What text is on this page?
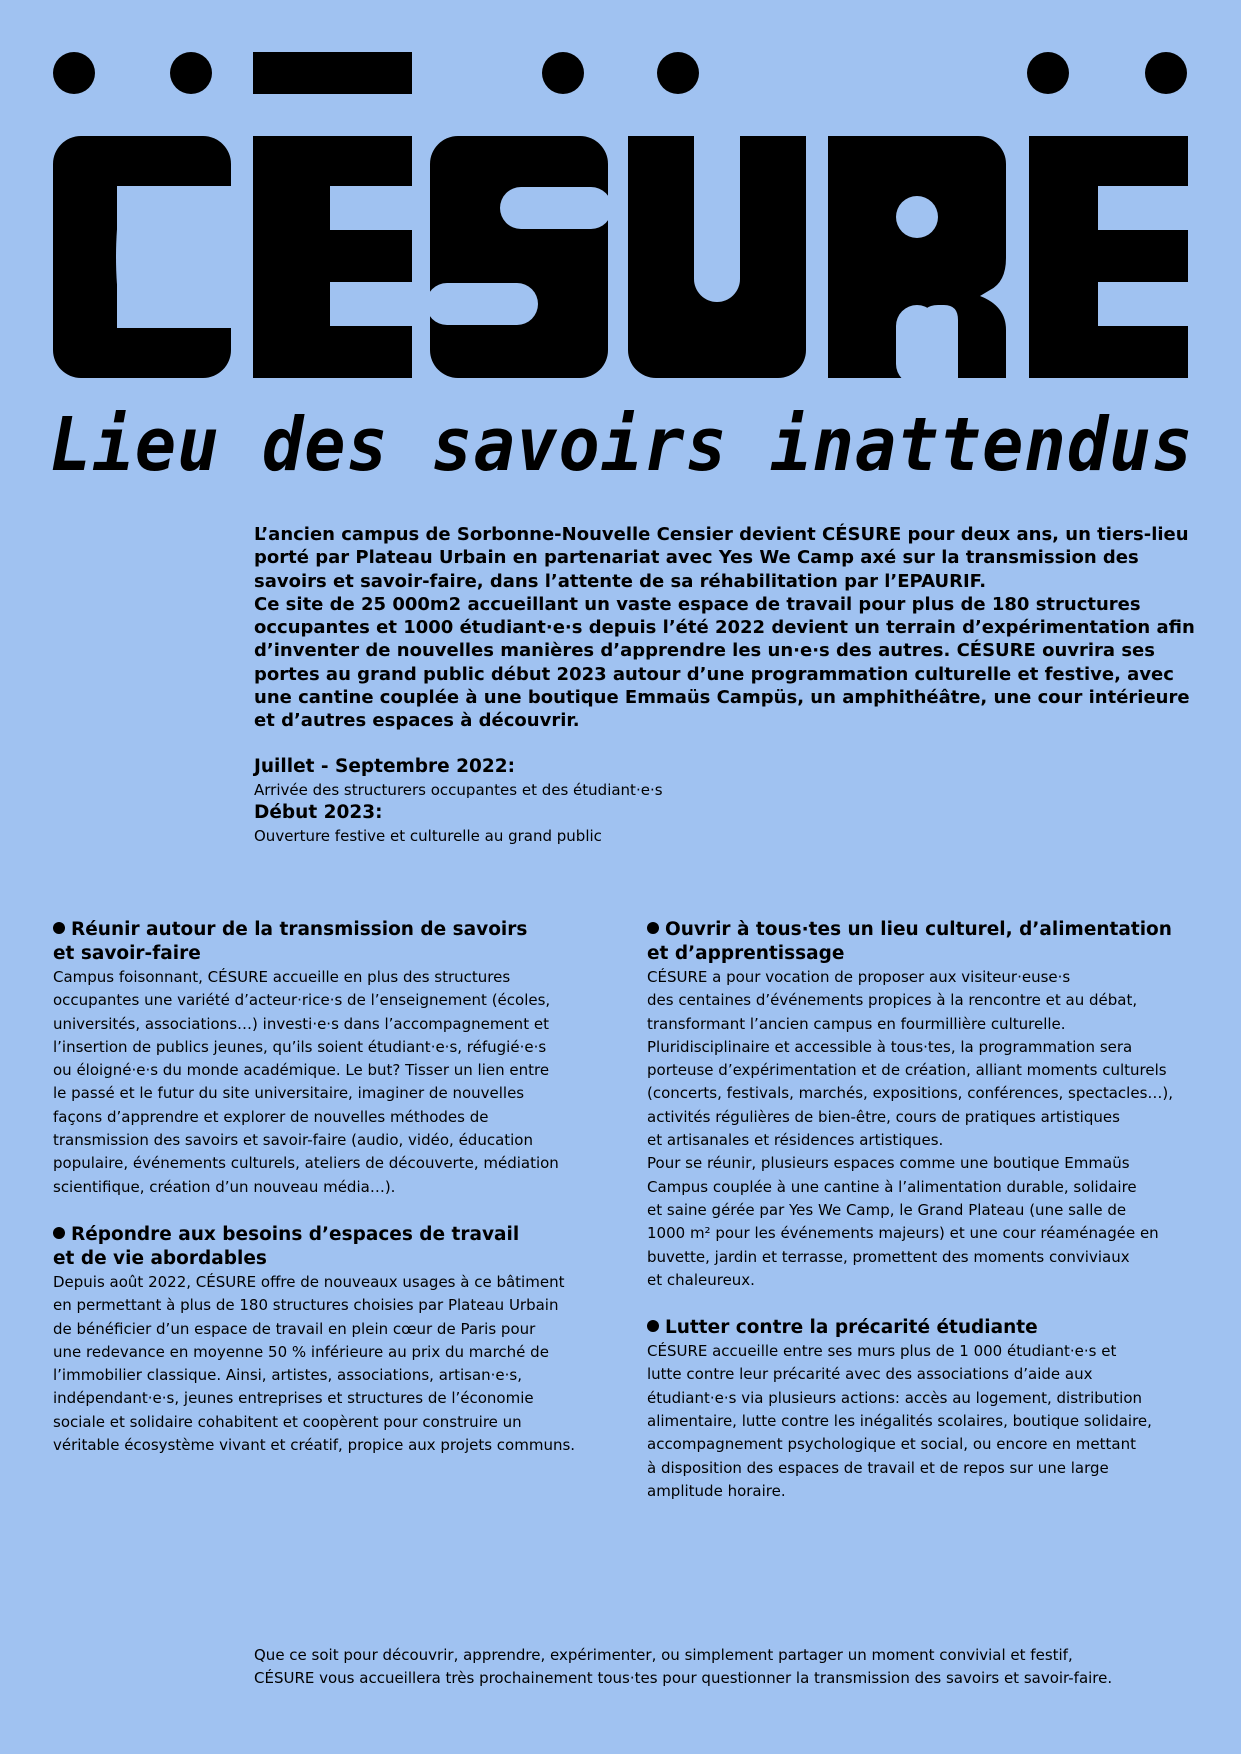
Lieu des savoirs inattendus

L’ancien campus de Sorbonne-Nouvelle Censier devient CÉSURE pour deux ans, un tiers-lieu porté par Plateau Urbain en partenariat avec Yes We Camp axé sur la transmission des savoirs et savoir-faire, dans l’attente de sa réhabilitation par l’EPAURIF.

Ce site de 25 000m2 accueillant un vaste espace de travail pour plus de 180 structures occupantes et 1000 étudiant·e·s depuis l’été 2022 devient un terrain d’expérimentation afin d’inventer de nouvelles manières d’apprendre les un·e·s des autres. CÉSURE ouvrira ses portes au grand public début 2023 autour d’une programmation culturelle et festive, avec une cantine couplée à une boutique Emmaüs Campüs, un amphithéâtre, une cour intérieure et d’autres espaces à découvrir.

Juillet - Septembre 2022:
Arrivée des structurers occupantes et des étudiant·e·s
Début 2023:
Ouverture festive et culturelle au grand public
Réunir autour de la transmission de savoirs
et savoir-faire
Campus foisonnant, CÉSURE accueille en plus des structures
occupantes une variété d’acteur·rice·s de l’enseignement (écoles,
universités, associations…) investi·e·s dans l’accompagnement et
l’insertion de publics jeunes, qu’ils soient étudiant·e·s, réfugié·e·s
ou éloigné·e·s du monde académique. Le but? Tisser un lien entre
le passé et le futur du site universitaire, imaginer de nouvelles
façons d’apprendre et explorer de nouvelles méthodes de
transmission des savoirs et savoir-faire (audio, vidéo, éducation
populaire, événements culturels, ateliers de découverte, médiation
scientifique, création d’un nouveau média…).
Répondre aux besoins d’espaces de travail
et de vie abordables
Depuis août 2022, CÉSURE offre de nouveaux usages à ce bâtiment
en permettant à plus de 180 structures choisies par Plateau Urbain
de bénéficier d’un espace de travail en plein cœur de Paris pour
une redevance en moyenne 50 % inférieure au prix du marché de
l’immobilier classique. Ainsi, artistes, associations, artisan·e·s,
indépendant·e·s, jeunes entreprises et structures de l’économie
sociale et solidaire cohabitent et coopèrent pour construire un
véritable écosystème vivant et créatif, propice aux projets communs.
Ouvrir à tous·tes un lieu culturel, d’alimentation
et d’apprentissage
CÉSURE a pour vocation de proposer aux visiteur·euse·s
des centaines d’événements propices à la rencontre et au débat,
transformant l’ancien campus en fourmillière culturelle.
Pluridisciplinaire et accessible à tous·tes, la programmation sera
porteuse d’expérimentation et de création, alliant moments culturels
(concerts, festivals, marchés, expositions, conférences, spectacles…),
activités régulières de bien-être, cours de pratiques artistiques
et artisanales et résidences artistiques.
Pour se réunir, plusieurs espaces comme une boutique Emmaüs
Campus couplée à une cantine à l’alimentation durable, solidaire
et saine gérée par Yes We Camp, le Grand Plateau (une salle de
1000 m² pour les événements majeurs) et une cour réaménagée en
buvette, jardin et terrasse, promettent des moments conviviaux
et chaleureux.
Lutter contre la précarité étudiante
CÉSURE accueille entre ses murs plus de 1 000 étudiant·e·s et
lutte contre leur précarité avec des associations d’aide aux
étudiant·e·s via plusieurs actions: accès au logement, distribution
alimentaire, lutte contre les inégalités scolaires, boutique solidaire,
accompagnement psychologique et social, ou encore en mettant
à disposition des espaces de travail et de repos sur une large
amplitude horaire.
Que ce soit pour découvrir, apprendre, expérimenter, ou simplement partager un moment convivial et festif,
CÉSURE vous accueillera très prochainement tous·tes pour questionner la transmission des savoirs et savoir-faire.
